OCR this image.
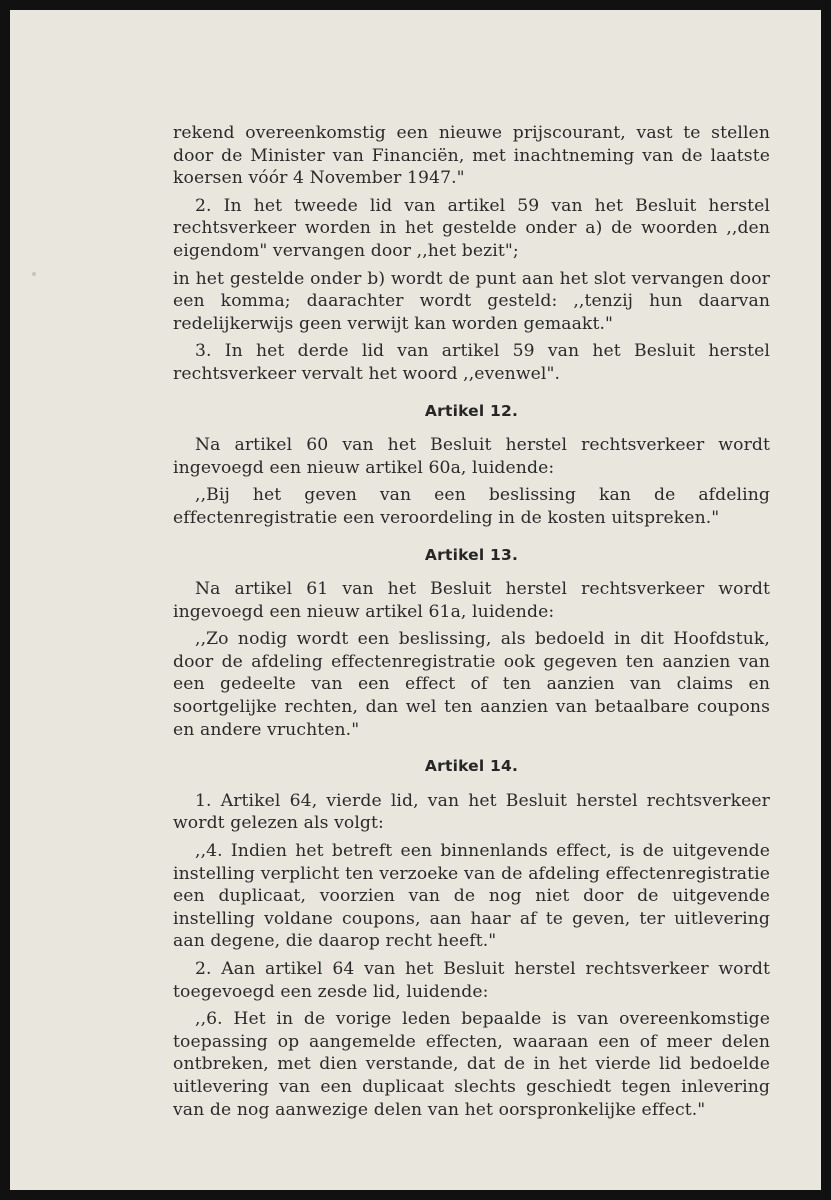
rekend overeenkomstig een nieuwe prijscourant, vast te stellen door de Minister van Financiën, met inachtneming van de laatste koersen vóór 4 November 1947."

2. In het tweede lid van artikel 59 van het Besluit herstel rechtsverkeer worden in het gestelde onder a) de woorden ,,den eigendom" vervangen door ,,het bezit";

in het gestelde onder b) wordt de punt aan het slot vervangen door een komma; daarachter wordt gesteld: ,,tenzij hun daarvan redelijkerwijs geen verwijt kan worden gemaakt."

3. In het derde lid van artikel 59 van het Besluit herstel rechtsverkeer vervalt het woord ,,evenwel".

Artikel 12.

Na artikel 60 van het Besluit herstel rechtsverkeer wordt ingevoegd een nieuw artikel 60a, luidende:

,,Bij het geven van een beslissing kan de afdeling effectenregistratie een veroordeling in de kosten uitspreken."

Artikel 13.

Na artikel 61 van het Besluit herstel rechtsverkeer wordt ingevoegd een nieuw artikel 61a, luidende:

,,Zo nodig wordt een beslissing, als bedoeld in dit Hoofdstuk, door de afdeling effectenregistratie ook gegeven ten aanzien van een gedeelte van een effect of ten aanzien van claims en soortgelijke rechten, dan wel ten aanzien van betaalbare coupons en andere vruchten."

Artikel 14.

1. Artikel 64, vierde lid, van het Besluit herstel rechtsverkeer wordt gelezen als volgt:

,,4. Indien het betreft een binnenlands effect, is de uitgevende instelling verplicht ten verzoeke van de afdeling effectenregistratie een duplicaat, voorzien van de nog niet door de uitgevende instelling voldane coupons, aan haar af te geven, ter uitlevering aan degene, die daarop recht heeft."

2. Aan artikel 64 van het Besluit herstel rechtsverkeer wordt toegevoegd een zesde lid, luidende:

,,6. Het in de vorige leden bepaalde is van overeenkomstige toepassing op aangemelde effecten, waaraan een of meer delen ontbreken, met dien verstande, dat de in het vierde lid bedoelde uitlevering van een duplicaat slechts geschiedt tegen inlevering van de nog aanwezige delen van het oorspronkelijke effect."
